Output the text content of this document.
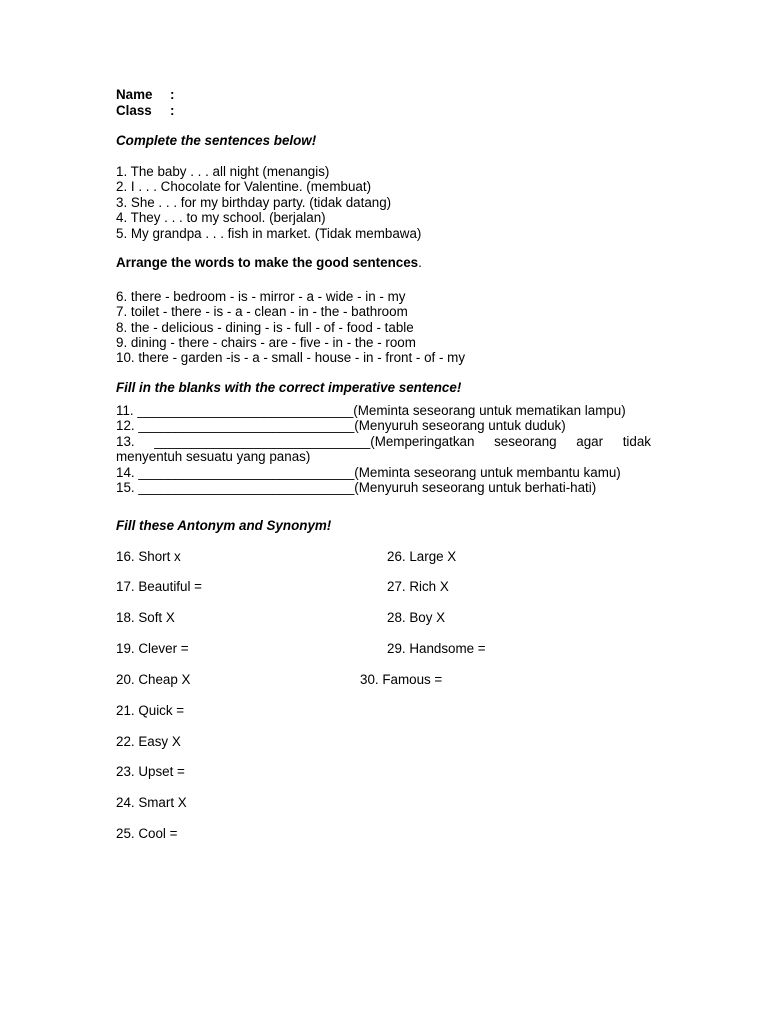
Name :
Class :
Complete the sentences below!
1. The baby . . . all night (menangis)
2. I . . . Chocolate for Valentine. (membuat)
3. She . . . for my birthday party. (tidak datang)
4. They . . . to my school. (berjalan)
5. My grandpa . . . fish in market. (Tidak membawa)
Arrange the words to make the good sentences.
6. there - bedroom - is - mirror - a - wide - in - my
7. toilet - there - is - a - clean - in - the - bathroom
8. the - delicious - dining - is - full - of - food - table
9. dining - there - chairs - are - five - in - the - room
10. there - garden -is - a - small - house - in - front - of - my
Fill in the blanks with the correct imperative sentence!
11. _____________________________(Meminta seseorang untuk mematikan lampu)
12. _____________________________(Menyuruh seseorang untuk duduk)
13. _____________________________(Memperingatkan seseorang agar tidak
menyentuh sesuatu yang panas)
14. _____________________________(Meminta seseorang untuk membantu kamu)
15. _____________________________(Menyuruh seseorang untuk berhati-hati)
Fill these Antonym and Synonym!
16. Short x
17. Beautiful =
18. Soft X
19. Clever =
20. Cheap X
21. Quick =
22. Easy X
23. Upset =
24. Smart X
25. Cool =
26. Large X
27. Rich X
28. Boy X
29. Handsome =
30. Famous =
